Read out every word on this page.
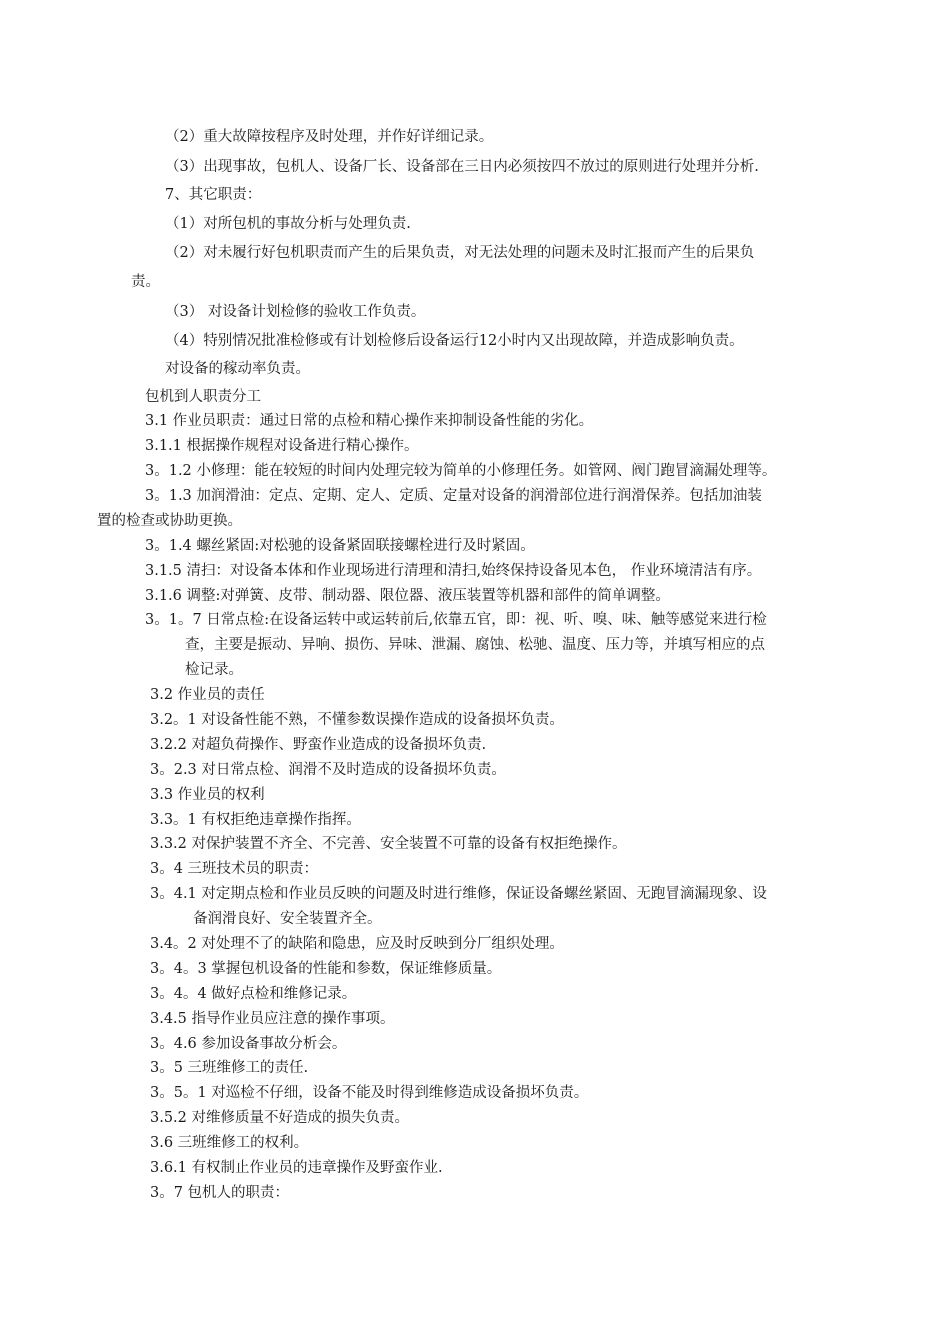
（2）重大故障按程序及时处理，并作好详细记录。
（3）出现事故，包机人、设备厂长、设备部在三日内必须按四不放过的原则进行处理并分析.
7、其它职责：
（1）对所包机的事故分析与处理负责.
（2）对未履行好包机职责而产生的后果负责，对无法处理的问题未及时汇报而产生的后果负
责。
（3） 对设备计划检修的验收工作负责。
（4）特别情况批准检修或有计划检修后设备运行12小时内又出现故障，并造成影响负责。
对设备的稼动率负责。
包机到人职责分工
3.1 作业员职责：通过日常的点检和精心操作来抑制设备性能的劣化。
3.1.1 根据操作规程对设备进行精心操作。
3。1.2 小修理：能在较短的时间内处理完较为简单的小修理任务。如管网、阀门跑冒滴漏处理等。
3。1.3 加润滑油：定点、定期、定人、定质、定量对设备的润滑部位进行润滑保养。包括加油装
置的检查或协助更换。
3。1.4 螺丝紧固:对松驰的设备紧固联接螺栓进行及时紧固。
3.1.5 清扫：对设备本体和作业现场进行清理和清扫,始终保持设备见本色， 作业环境清洁有序。
3.1.6 调整:对弹簧、皮带、制动器、限位器、液压装置等机器和部件的简单调整。
3。1。7 日常点检:在设备运转中或运转前后,依靠五官，即：视、听、嗅、味、触等感觉来进行检
查，主要是振动、异响、损伤、异味、泄漏、腐蚀、松驰、温度、压力等，并填写相应的点
检记录。
3.2 作业员的责任
3.2。1 对设备性能不熟，不懂参数误操作造成的设备损坏负责。
3.2.2 对超负荷操作、野蛮作业造成的设备损坏负责.
3。2.3 对日常点检、润滑不及时造成的设备损坏负责。
3.3 作业员的权利
3.3。1 有权拒绝违章操作指挥。
3.3.2 对保护装置不齐全、不完善、安全装置不可靠的设备有权拒绝操作。
3。4 三班技术员的职责：
3。4.1 对定期点检和作业员反映的问题及时进行维修，保证设备螺丝紧固、无跑冒滴漏现象、设
备润滑良好、安全装置齐全。
3.4。2 对处理不了的缺陷和隐患，应及时反映到分厂组织处理。
3。4。3 掌握包机设备的性能和参数，保证维修质量。
3。4。4 做好点检和维修记录。
3.4.5 指导作业员应注意的操作事项。
3。4.6 参加设备事故分析会。
3。5 三班维修工的责任.
3。5。1 对巡检不仔细，设备不能及时得到维修造成设备损坏负责。
3.5.2 对维修质量不好造成的损失负责。
3.6 三班维修工的权利。
3.6.1 有权制止作业员的违章操作及野蛮作业.
3。7 包机人的职责：
